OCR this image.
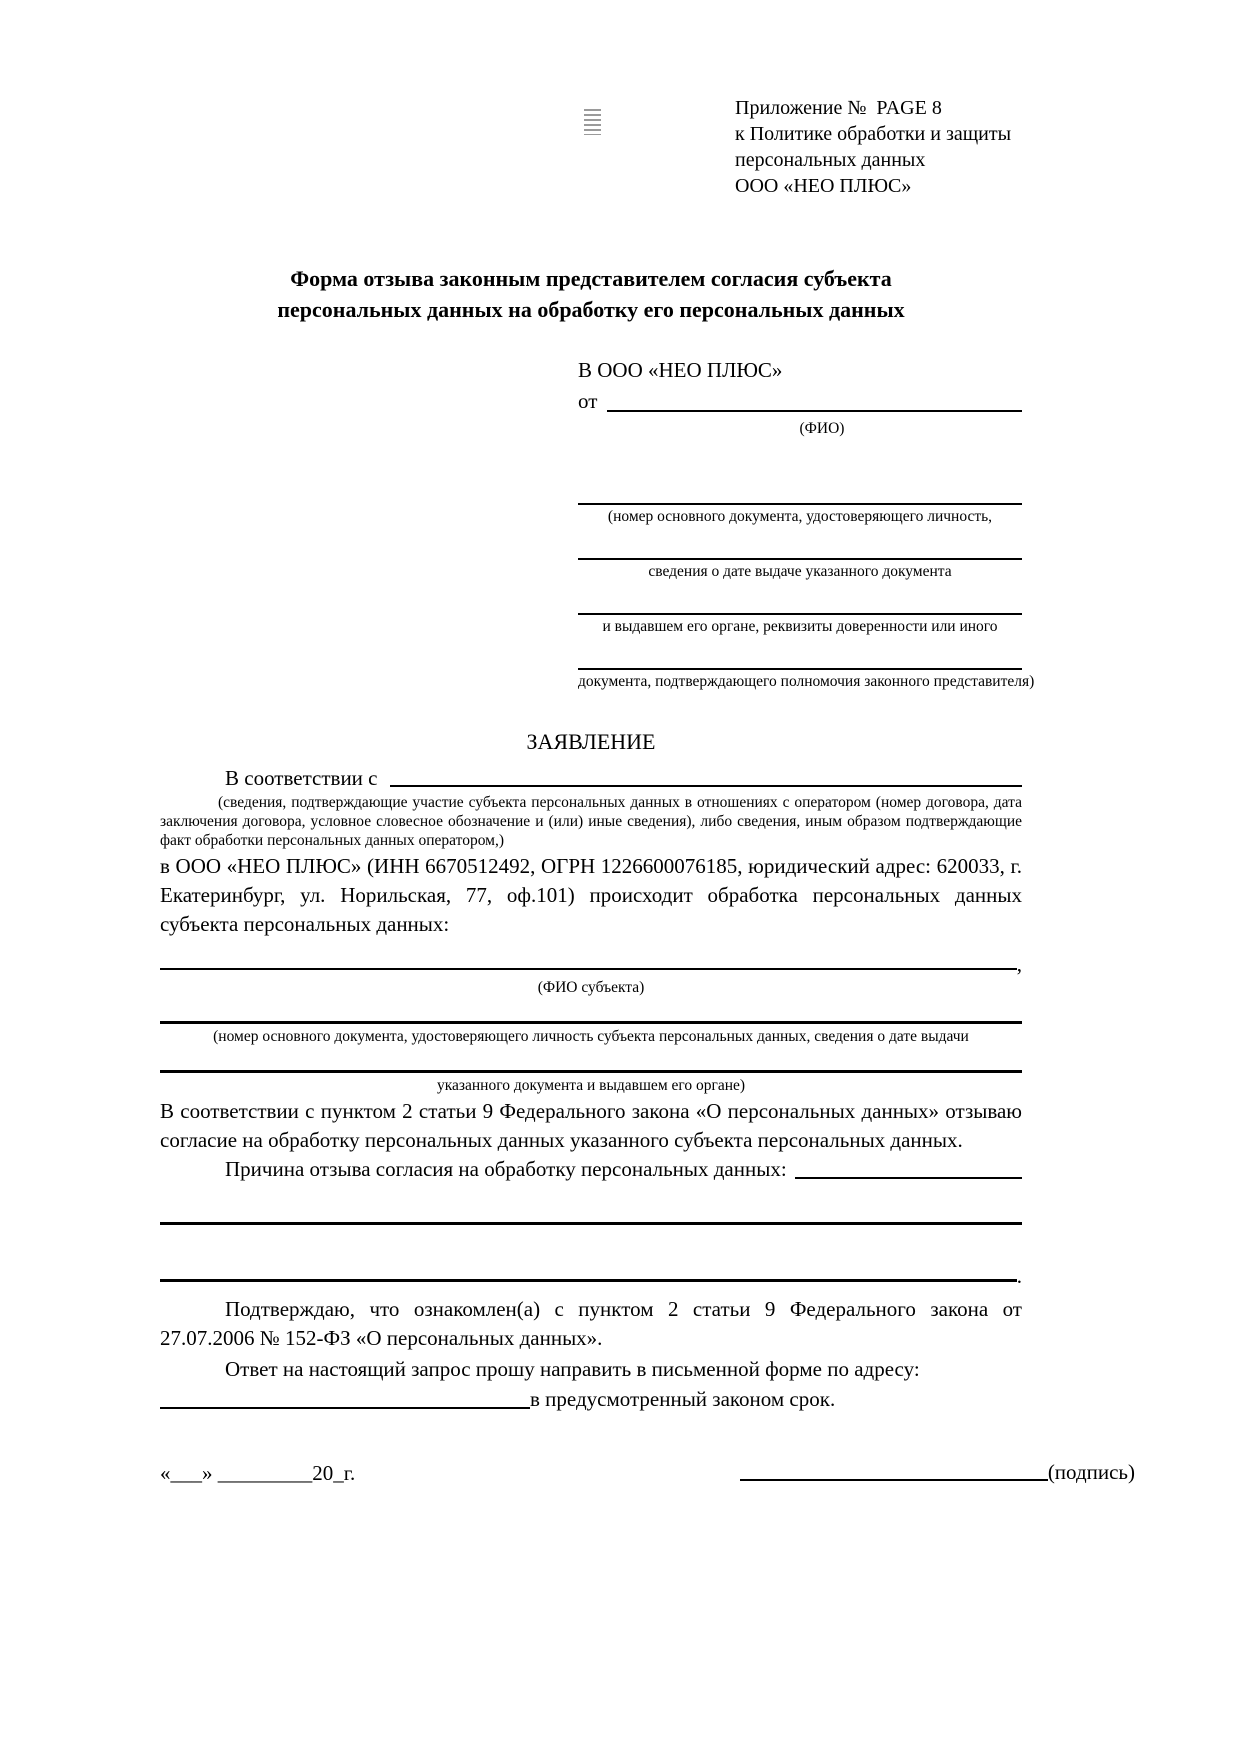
Приложение №  PAGE 8
к Политике обработки и защиты
персональных данных
ООО «НЕО ПЛЮС»
Форма отзыва законным представителем согласия субъекта
персональных данных на обработку его персональных данных
В ООО «НЕО ПЛЮС»
от
(ФИО)
(номер основного документа, удостоверяющего личность,
сведения о дате выдаче указанного документа
и выдавшем его органе, реквизиты доверенности или иного
документа, подтверждающего полномочия законного представителя)
ЗАЯВЛЕНИЕ
В соответствии с
(сведения, подтверждающие участие субъекта персональных данных в отношениях с оператором (номер договора, дата заключения договора, условное словесное обозначение и (или) иные сведения), либо сведения, иным образом подтверждающие факт обработки персональных данных оператором,)

в ООО «НЕО ПЛЮС» (ИНН 6670512492, ОГРН 1226600076185, юридический адрес: 620033, г. Екатеринбург, ул. Норильская, 77, оф.101) происходит обработка персональных данных субъекта персональных данных:

,
(ФИО субъекта)
(номер основного документа, удостоверяющего личность субъекта персональных данных, сведения о дате выдачи
указанного документа и выдавшем его органе)

В соответствии с пунктом 2 статьи 9 Федерального закона «О персональных данных» отзываю согласие на обработку персональных данных указанного субъекта персональных данных.

Причина отзыва согласия на обработку персональных данных:
.

Подтверждаю, что ознакомлен(а) с пунктом 2 статьи 9 Федерального закона от 27.07.2006 № 152-ФЗ «О персональных данных».

Ответ на настоящий запрос прошу направить в письменной форме по адресу:

в предусмотренный законом срок.
«___» _________20_г.	(подпись)
